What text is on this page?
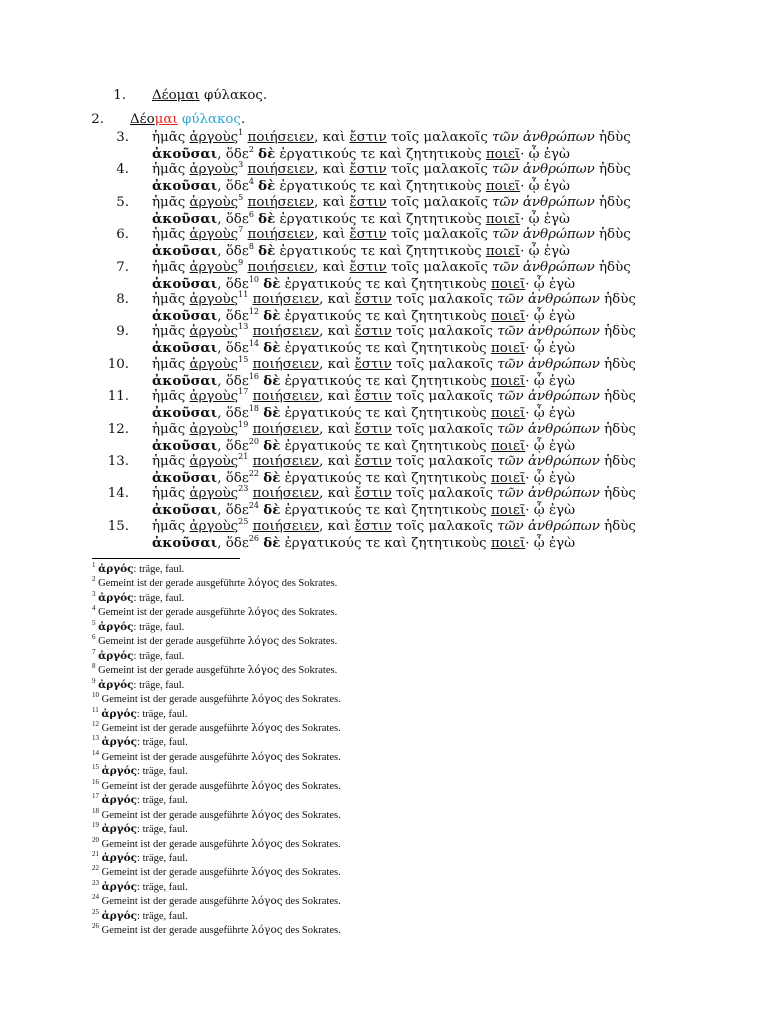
1. Δέομαι φύλακος.
2. Δέομαι φύλακος.
3. ἡμᾶς ἀργοὺς$^1$ ποιήσειεν, καὶ ἔστιν τοῖς μαλακοῖς τῶν ἀνθρώπων ἡδὺς
ἀκοῦσαι, ὅδε$^2$ δὲ ἐργατικούς τε καὶ ζητητικοὺς ποιεῖ· ᾧ ἐγὼ
4. ἡμᾶς ἀργοὺς$^3$ ποιήσειεν, καὶ ἔστιν τοῖς μαλακοῖς τῶν ἀνθρώπων ἡδὺς
ἀκοῦσαι, ὅδε$^4$ δὲ ἐργατικούς τε καὶ ζητητικοὺς ποιεῖ· ᾧ ἐγὼ
5. ἡμᾶς ἀργοὺς$^5$ ποιήσειεν, καὶ ἔστιν τοῖς μαλακοῖς τῶν ἀνθρώπων ἡδὺς
ἀκοῦσαι, ὅδε$^6$ δὲ ἐργατικούς τε καὶ ζητητικοὺς ποιεῖ· ᾧ ἐγὼ
6. ἡμᾶς ἀργοὺς$^7$ ποιήσειεν, καὶ ἔστιν τοῖς μαλακοῖς τῶν ἀνθρώπων ἡδὺς
ἀκοῦσαι, ὅδε$^8$ δὲ ἐργατικούς τε καὶ ζητητικοὺς ποιεῖ· ᾧ ἐγὼ
7. ἡμᾶς ἀργοὺς$^9$ ποιήσειεν, καὶ ἔστιν τοῖς μαλακοῖς τῶν ἀνθρώπων ἡδὺς
ἀκοῦσαι, ὅδε$^{10}$ δὲ ἐργατικούς τε καὶ ζητητικοὺς ποιεῖ· ᾧ ἐγὼ
8. ἡμᾶς ἀργοὺς$^{11}$ ποιήσειεν, καὶ ἔστιν τοῖς μαλακοῖς τῶν ἀνθρώπων ἡδὺς
ἀκοῦσαι, ὅδε$^{12}$ δὲ ἐργατικούς τε καὶ ζητητικοὺς ποιεῖ· ᾧ ἐγὼ
9. ἡμᾶς ἀργοὺς$^{13}$ ποιήσειεν, καὶ ἔστιν τοῖς μαλακοῖς τῶν ἀνθρώπων ἡδὺς
ἀκοῦσαι, ὅδε$^{14}$ δὲ ἐργατικούς τε καὶ ζητητικοὺς ποιεῖ· ᾧ ἐγὼ
10. ἡμᾶς ἀργοὺς$^{15}$ ποιήσειεν, καὶ ἔστιν τοῖς μαλακοῖς τῶν ἀνθρώπων ἡδὺς
ἀκοῦσαι, ὅδε$^{16}$ δὲ ἐργατικούς τε καὶ ζητητικοὺς ποιεῖ· ᾧ ἐγὼ
11. ἡμᾶς ἀργοὺς$^{17}$ ποιήσειεν, καὶ ἔστιν τοῖς μαλακοῖς τῶν ἀνθρώπων ἡδὺς
ἀκοῦσαι, ὅδε$^{18}$ δὲ ἐργατικούς τε καὶ ζητητικοὺς ποιεῖ· ᾧ ἐγὼ
12. ἡμᾶς ἀργοὺς$^{19}$ ποιήσειεν, καὶ ἔστιν τοῖς μαλακοῖς τῶν ἀνθρώπων ἡδὺς
ἀκοῦσαι, ὅδε$^{20}$ δὲ ἐργατικούς τε καὶ ζητητικοὺς ποιεῖ· ᾧ ἐγὼ
13. ἡμᾶς ἀργοὺς$^{21}$ ποιήσειεν, καὶ ἔστιν τοῖς μαλακοῖς τῶν ἀνθρώπων ἡδὺς
ἀκοῦσαι, ὅδε$^{22}$ δὲ ἐργατικούς τε καὶ ζητητικοὺς ποιεῖ· ᾧ ἐγὼ
14. ἡμᾶς ἀργοὺς$^{23}$ ποιήσειεν, καὶ ἔστιν τοῖς μαλακοῖς τῶν ἀνθρώπων ἡδὺς
ἀκοῦσαι, ὅδε$^{24}$ δὲ ἐργατικούς τε καὶ ζητητικοὺς ποιεῖ· ᾧ ἐγὼ
15. ἡμᾶς ἀργοὺς$^{25}$ ποιήσειεν, καὶ ἔστιν τοῖς μαλακοῖς τῶν ἀνθρώπων ἡδὺς
ἀκοῦσαι, ὅδε$^{26}$ δὲ ἐργατικούς τε καὶ ζητητικοὺς ποιεῖ· ᾧ ἐγὼ
$^1$ ἀργός: träge, faul.
$^2$ Gemeint ist der gerade ausgeführte λόγος des Sokrates.
$^3$ ἀργός: träge, faul.
$^4$ Gemeint ist der gerade ausgeführte λόγος des Sokrates.
$^5$ ἀργός: träge, faul.
$^6$ Gemeint ist der gerade ausgeführte λόγος des Sokrates.
$^7$ ἀργός: träge, faul.
$^8$ Gemeint ist der gerade ausgeführte λόγος des Sokrates.
$^9$ ἀργός: träge, faul.
$^{10}$ Gemeint ist der gerade ausgeführte λόγος des Sokrates.
$^{11}$ ἀργός: träge, faul.
$^{12}$ Gemeint ist der gerade ausgeführte λόγος des Sokrates.
$^{13}$ ἀργός: träge, faul.
$^{14}$ Gemeint ist der gerade ausgeführte λόγος des Sokrates.
$^{15}$ ἀργός: träge, faul.
$^{16}$ Gemeint ist der gerade ausgeführte λόγος des Sokrates.
$^{17}$ ἀργός: träge, faul.
$^{18}$ Gemeint ist der gerade ausgeführte λόγος des Sokrates.
$^{19}$ ἀργός: träge, faul.
$^{20}$ Gemeint ist der gerade ausgeführte λόγος des Sokrates.
$^{21}$ ἀργός: träge, faul.
$^{22}$ Gemeint ist der gerade ausgeführte λόγος des Sokrates.
$^{23}$ ἀργός: träge, faul.
$^{24}$ Gemeint ist der gerade ausgeführte λόγος des Sokrates.
$^{25}$ ἀργός: träge, faul.
$^{26}$ Gemeint ist der gerade ausgeführte λόγος des Sokrates.
